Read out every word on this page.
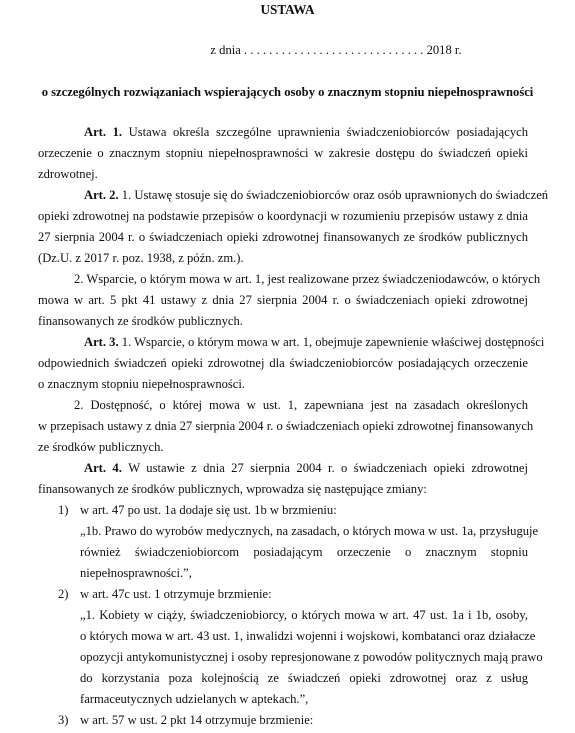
USTAWA
z dnia . . . . . . . . . . . . . . . . . . . . . . . . . . . . . 2018 r.
o szczególnych rozwiązaniach wspierających osoby o znacznym stopniu niepełnosprawności
Art. 1. Ustawa określa szczególne uprawnienia świadczeniobiorców posiadających
orzeczenie o znacznym stopniu niepełnosprawności w zakresie dostępu do świadczeń opieki
zdrowotnej.
Art. 2. 1. Ustawę stosuje się do świadczeniobiorców oraz osób uprawnionych do świadczeń
opieki zdrowotnej na podstawie przepisów o koordynacji w rozumieniu przepisów ustawy z dnia
27 sierpnia 2004 r. o świadczeniach opieki zdrowotnej finansowanych ze środków publicznych
(Dz.U. z 2017 r. poz. 1938, z późn. zm.).
2. Wsparcie, o którym mowa w art. 1, jest realizowane przez świadczeniodawców, o których
mowa w art. 5 pkt 41 ustawy z dnia 27 sierpnia 2004 r. o świadczeniach opieki zdrowotnej
finansowanych ze środków publicznych.
Art. 3. 1. Wsparcie, o którym mowa w art. 1, obejmuje zapewnienie właściwej dostępności
odpowiednich świadczeń opieki zdrowotnej dla świadczeniobiorców posiadających orzeczenie
o znacznym stopniu niepełnosprawności.
2. Dostępność, o której mowa w ust. 1, zapewniana jest na zasadach określonych
w przepisach ustawy z dnia 27 sierpnia 2004 r. o świadczeniach opieki zdrowotnej finansowanych
ze środków publicznych.
Art. 4. W ustawie z dnia 27 sierpnia 2004 r. o świadczeniach opieki zdrowotnej
finansowanych ze środków publicznych, wprowadza się następujące zmiany:
1) w art. 47 po ust. 1a dodaje się ust. 1b w brzmieniu:
„1b. Prawo do wyrobów medycznych, na zasadach, o których mowa w ust. 1a, przysługuje
również świadczeniobiorcom posiadającym orzeczenie o znacznym stopniu
niepełnosprawności.”,
2) w art. 47c ust. 1 otrzymuje brzmienie:
„1. Kobiety w ciąży, świadczeniobiorcy, o których mowa w art. 47 ust. 1a i 1b, osoby,
o których mowa w art. 43 ust. 1, inwalidzi wojenni i wojskowi, kombatanci oraz działacze
opozycji antykomunistycznej i osoby represjonowane z powodów politycznych mają prawo
do korzystania poza kolejnością ze świadczeń opieki zdrowotnej oraz z usług
farmaceutycznych udzielanych w aptekach.”,
3) w art. 57 w ust. 2 pkt 14 otrzymuje brzmienie:
